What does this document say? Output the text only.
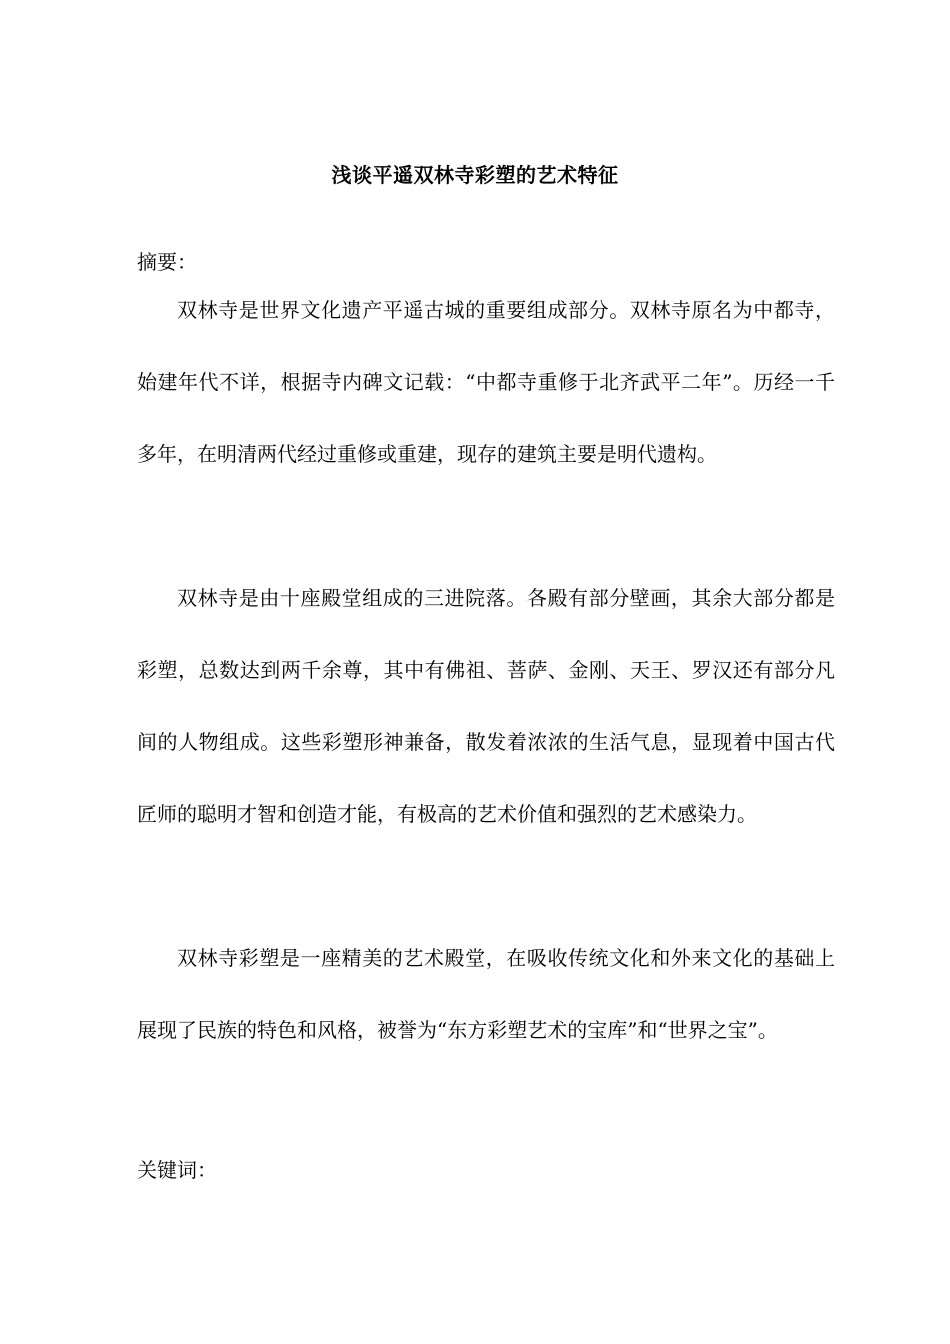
浅谈平遥双林寺彩塑的艺术特征
摘要：

双林寺是世界文化遗产平遥古城的重要组成部分。双林寺原名为中都寺，始建年代不详，根据寺内碑文记载：“中都寺重修于北齐武平二年”。历经一千多年，在明清两代经过重修或重建，现存的建筑主要是明代遗构。

双林寺是由十座殿堂组成的三进院落。各殿有部分壁画，其余大部分都是彩塑，总数达到两千余尊，其中有佛祖、菩萨、金刚、天王、罗汉还有部分凡间的人物组成。这些彩塑形神兼备，散发着浓浓的生活气息，显现着中国古代匠师的聪明才智和创造才能，有极高的艺术价值和强烈的艺术感染力。

双林寺彩塑是一座精美的艺术殿堂，在吸收传统文化和外来文化的基础上展现了民族的特色和风格，被誉为“东方彩塑艺术的宝库”和“世界之宝”。

关键词：
